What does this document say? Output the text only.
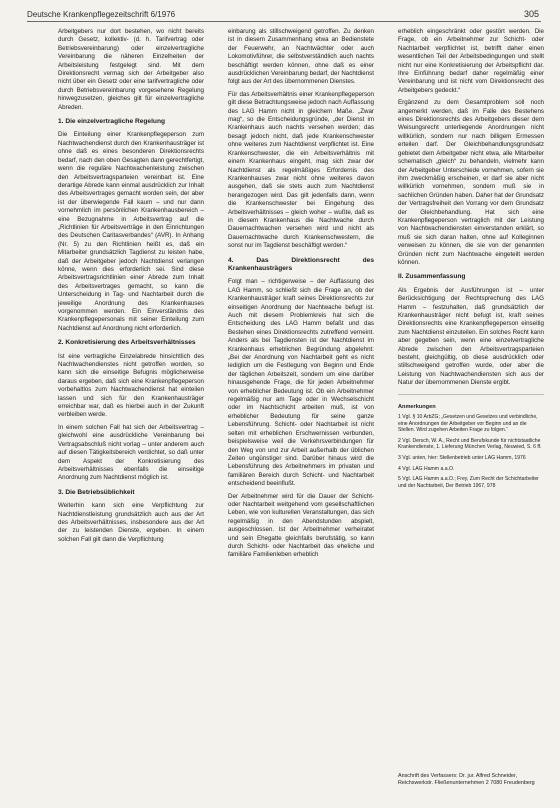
Deutsche Krankenpflegezeitschrift 6/1976	305

Arbeitgebers nur dort bestehen, wo nicht bereits durch Gesetz, kollektiv- (d. h. Tarifvertrag oder Betriebsvereinbarung) oder einzelvertragliche Vereinbarung die näheren Einzelheiten der Arbeitsleistung festgelegt sind. Mit dem Direktionsrecht vermag sich der Arbeitgeber also nicht über ein Gesetz oder eine tarifvertragliche oder durch Betriebsvereinbarung vorgesehene Regelung hinwegzusetzen, gleiches gilt für einzelvertragliche Abreden.

1. Die einzelvertragliche Regelung

Die Einteilung einer Krankenpflegeperson zum Nachtwachendienst durch den Krankenhausträger ist ohne daß es eines besonderen Direktionsrechts bedarf, nach den oben Gesagten dann gerechtfertigt, wenn die reguläre Nachtwachenleistung zwischen den Arbeitsvertragsparteien vereinbart ist. Eine derartige Abrede kann einmal ausdrücklich zur Inhalt des Arbeitsvertrages gemacht worden sein, der aber ist der überwiegende Fall kaum – und nur dann vornehmlich im persönlichen Krankenhausbereich – eine Bezugnahme in Arbeitsvertrag auf die „Richtlinien für Arbeitsverträge in den Einrichtungen des Deutschen Caritasverbandes“ (AVR). In Anhang (Nr. 5) zu den Richtlinien heißt es, daß ein Mitarbeiter grundsätzlich Tagdienst zu leisten habe, daß der Arbeitgeber jedoch Nachtdienst verlangen könne, wenn dies erforderlich sei. Sind diese Arbeitsvertragsrichtlinien einer Abrede zum Inhalt des Arbeitsvertrages gemacht, so kann die Unterscheidung in Tag- und Nachtarbeit durch die jeweilige Anordnung des Krankenhauses vorgenommen werden. Ein Einverständnis des Krankenpflegepersonals mit seiner Einteilung zum Nachtdienst auf Anordnung nicht erforderlich.

2. Konkretisierung des Arbeitsverhältnisses

Ist eine vertragliche Einzelabrede hinsichtlich des Nachtwachendienstes nicht getroffen worden, so kann sich die einseitige Befugnis möglicherweise daraus ergeben, daß sich eine Krankenpflegeperson vorbehaltlos zum Nachtwachendienst hat einteilen lassen und sich für den Krankenhausträger erreichbar war, daß es hierbei auch in der Zukunft verbleiben werde.

In einem solchen Fall hat sich der Arbeitsvertrag – gleichwohl eine ausdrückliche Vereinbarung bei Vertragsabschluß nicht vorlag – unter anderem auch auf diesen Tätigkeitsbereich verdichtet, so daß unter dem Aspekt der Konkretisierung des Arbeitsverhältnisses ebenfalls die einseitige Anordnung zum Nachtdienst möglich ist.

3. Die Betriebsüblichkeit

Weiterhin kann sich eine Verpflichtung zur Nachtdienstleistung grundsätzlich auch aus der Art des Arbeitsverhältnisses, insbesondere aus der Art der zu leistenden Dienste, ergeben. In einem solchen Fall gilt dann die Verpflichtung

einbarung als stillschweigend getroffen. Zu denken ist in diesem Zusammenhang etwa an Bedienstete der Feuerwehr, an Nachtwächter oder auch Lokomotivführer, die selbstverständlich auch nachts beschäftigt werden können, ohne daß es einer ausdrücklichen Vereinbarung bedarf, der Nachtdienst folgt aus der Art des übernommenen Dienstes.

Für das Arbeitsverhältnis einer Krankenpflegeperson gilt diese Betrachtungsweise jedoch nach Auffassung des LAG Hamm nicht in gleichem Maße. „Zwar mag“, so die Entscheidungsgründe, „der Dienst im Krankenhaus auch nachts versehen werden; das besagt jedoch nicht, daß jede Krankenschwester ohne weiteres zum Nachtdienst verpflichtet ist. Eine Krankenschwester, die ein Arbeitsverhältnis mit einem Krankenhaus eingeht, mag sich zwar der Nachtdienst als regelmäßiges Erfordernis des Krankenhauses zwar nicht ohne weiteres davon ausgehen, daß sie stets auch zum Nachtdienst herangezogen wird. Das gilt jedenfalls dann, wenn die Krankenschwester bei Eingehung des Arbeitsverhältnisses – gleich woher – wußte, daß es in diesem Krankenhaus die Nachtwache durch Dauernachtwachen versehen wird und nicht als Dauernachtwache durch Krankenschwestern, die sonst nur im Tagdienst beschäftigt werden.“

4. Das Direktionsrecht des Krankenhausträgers

Folgt man – richtigerweise – der Auffassung des LAG Hamm, so schließt sich die Frage an, ob der Krankenhausträger kraft seines Direktionsrechts zur einseitigen Anordnung der Nachtwache befugt ist. Auch mit diesem Problemkreis hat sich die Entscheidung des LAG Hamm befaßt und das Bestehen eines Direktionsrechts zutreffend verneint. Anders als bei Tagdiensten ist der Nachtdienst im Krankenhaus erheblichen Begründung abgelehnt: „Bei der Anordnung von Nachtarbeit geht es nicht lediglich um die Festlegung von Beginn und Ende der täglichen Arbeitszeit, sondern um eine darüber hinausgehende Frage, die für jeden Arbeitnehmer von erheblicher Bedeutung ist. Ob ein Arbeitnehmer regelmäßig nur am Tage oder in Wechselschicht oder im Nachtschicht arbeiten muß, ist von erheblicher Bedeutung für seine ganze Lebensführung. Schicht- oder Nachtarbeit ist nicht selten mit erheblichen Erschwernissen verbunden, beispielsweise weil die Verkehrsverbindungen für den Weg von und zur Arbeit außerhalb der üblichen Zeiten ungünstiger sind. Darüber hinaus wird die Lebensführung des Arbeitnehmers im privaten und familiären Bereich durch Schicht- und Nachtarbeit entscheidend beeinflußt.

Der Arbeitnehmer wird für die Dauer der Schicht- oder Nachtarbeit weitgehend vom gesellschaftlichen Leben, wie von kulturellen Veranstaltungen, das sich regelmäßig in den Abendstunden abspielt, ausgeschlossen. Ist der Arbeitnehmer verheiratet und sein Ehegatte gleichfalls berufstätig, so kann durch Schicht- oder Nachtarbeit das eheliche und familiäre Familienleben erheblich

erheblich eingeschränkt oder gestört werden. Die Frage, ob ein Arbeitnehmer zur Schicht- oder Nachtarbeit verpflichtet ist, betrifft daher einen wesentlichen Teil der Arbeitsbedingungen und stellt nicht nur eine Konkretisierung der Arbeitspflicht dar. Ihre Einführung bedarf daher regelmäßig einer Vereinbarung und ist nicht vom Direktionsrecht des Arbeitgebers gedeckt.“

Ergänzend zu dem Gesamtproblem soll noch angemerkt werden, daß im Falle des Bestehens eines Direktionsrechts des Arbeitgebers dieser dem Weisungsrecht unterliegende Anordnungen nicht willkürlich, sondern nur nach billigem Ermessen erteilen darf. Der Gleichbehandlungsgrundsatz gebietet dem Arbeitgeber nicht etwa, alle Mitarbeiter schematisch „gleich“ zu behandeln, vielmehr kann der Arbeitgeber Unterschiede vornehmen, sofern sie ihm zweckmäßig erscheinen, er darf sie aber nicht willkürlich vornehmen, sondern muß sie in sachlichen Gründen haben. Daher hat der Grundsatz der Vertragsfreiheit den Vorrang vor dem Grundsatz der Gleichbehandlung. Hat sich eine Krankenpflegeperson vertraglich mit der Leistung von Nachtwachendiensten einverstanden erklärt, so muß sie sich daran halten, ohne auf Kolleginnen verweisen zu können, die sie von der genannten Gründen nicht zum Nachtwache eingeteilt werden können.

II. Zusammenfassung

Als Ergebnis der Ausführungen ist – unter Berücksichtigung der Rechtsprechung des LAG Hamm – festzuhalten, daß grundsätzlich der Krankenhausträger nicht befugt ist, kraft seines Direktionsrechts eine Krankenpflegeperson einseitig zum Nachtdienst einzuteilen. Ein solches Recht kann aber gegeben sein, wenn eine einzelvertragliche Abrede zwischen den Arbeitsvertragsparteien besteht, gleichgültig, ob diese ausdrücklich oder stillschweigend getroffen wurde, oder aber die Leistung von Nachtwachendiensten sich aus der Natur der übernommenen Dienste ergibt.

Anmerkungen

1 Vgl. § 10 ArbZG; „Gesetzen und Gesetzes und verbindliche, eine Anordnungen der Arbeitgeber vor Beginn und an die Stellen. Wird zugehen Arbeiten Frage zu folgen.“

2 Vgl. Dersch, W. A., Recht und Berufskunde für nichtstaatliche Krankendienste, 1. Lieferung München Verlag, Neuwied, S. 6 ff.

3 Vgl. unten, hier: Stellenbetrieb unter LAG Hamm, 1976

4 Vgl. LAG Hamm a.a.O.

5 Vgl. LAG Hamm a.a.O.; Frey, Zum Recht der Schichtarbeiter und der Nachtarbeit, Der Betrieb 1967, 978

Anschrift des Verfassers: Dr. jur. Alfred Schneider, Reichswerkstr. Fließenunternehmen 2 7080 Freudenberg
